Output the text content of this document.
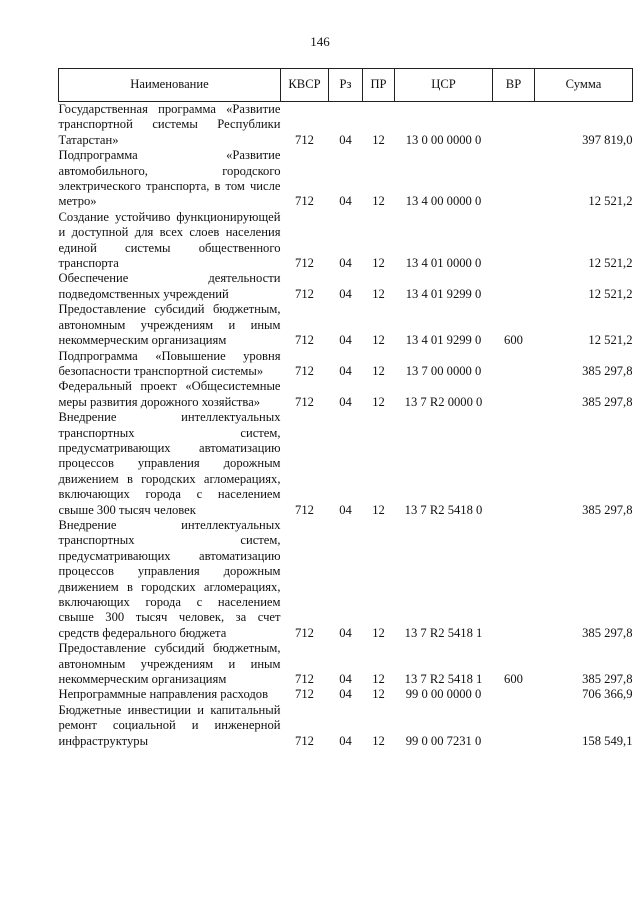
146
Наименование	КВСР	Рз	ПР	ЦСР	ВР	Сумма
Государственная программа «Развитие транспортной системы Республики Татарстан»	712	04	12	13 0 00 0000 0		397 819,0
Подпрограмма «Развитие автомобильного, городского электрического транспорта, в том числе метро»	712	04	12	13 4 00 0000 0		12 521,2
Создание устойчиво функционирующей и доступной для всех слоев населения единой системы общественного транспорта	712	04	12	13 4 01 0000 0		12 521,2
Обеспечение деятельности подведомственных учреждений	712	04	12	13 4 01 9299 0		12 521,2
Предоставление субсидий бюджетным, автономным учреждениям и иным некоммерческим организациям	712	04	12	13 4 01 9299 0	600	12 521,2
Подпрограмма «Повышение уровня безопасности транспортной системы»	712	04	12	13 7 00 0000 0		385 297,8
Федеральный проект «Общесистемные меры развития дорожного хозяйства»	712	04	12	13 7 R2 0000 0		385 297,8
Внедрение интеллектуальных транспортных систем, предусматривающих автоматизацию процессов управления дорожным движением в городских агломерациях, включающих города с населением свыше 300 тысяч человек	712	04	12	13 7 R2 5418 0		385 297,8
Внедрение интеллектуальных транспортных систем, предусматривающих автоматизацию процессов управления дорожным движением в городских агломерациях, включающих города с населением свыше 300 тысяч человек, за счет средств федерального бюджета	712	04	12	13 7 R2 5418 1		385 297,8
Предоставление субсидий бюджетным, автономным учреждениям и иным некоммерческим организациям	712	04	12	13 7 R2 5418 1	600	385 297,8
Непрограммные направления расходов	712	04	12	99 0 00 0000 0		706 366,9
Бюджетные инвестиции и капитальный ремонт социальной и инженерной инфраструктуры	712	04	12	99 0 00 7231 0		158 549,1
